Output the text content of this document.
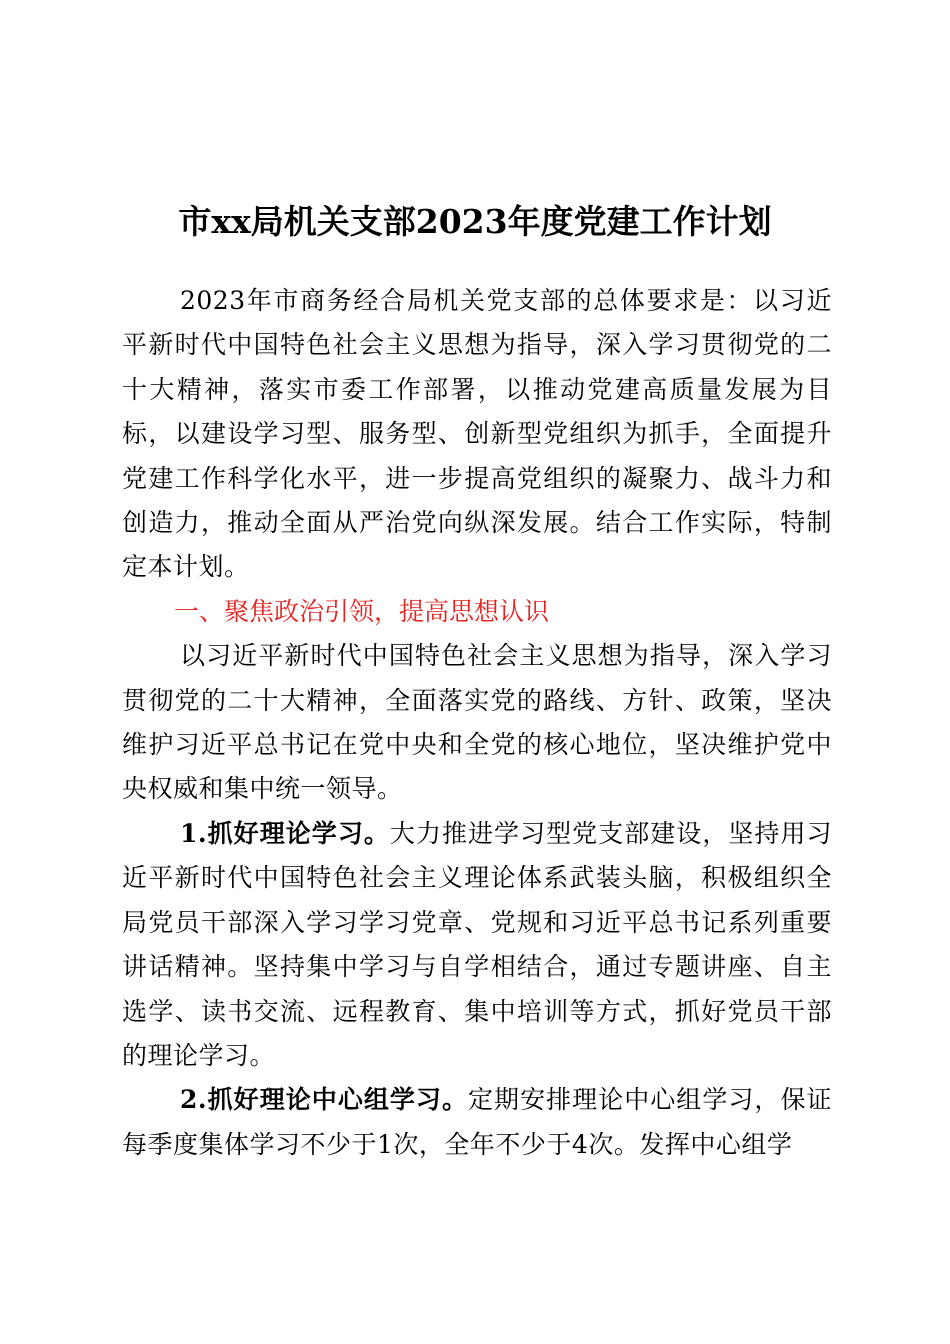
市xx局机关支部2023年度党建工作计划

2023年市商务经合局机关党支部的总体要求是：以习近平新时代中国特色社会主义思想为指导，深入学习贯彻党的二十大精神，落实市委工作部署，以推动党建高质量发展为目标，以建设学习型、服务型、创新型党组织为抓手，全面提升党建工作科学化水平，进一步提高党组织的凝聚力、战斗力和创造力，推动全面从严治党向纵深发展。结合工作实际，特制定本计划。

一、聚焦政治引领，提高思想认识

以习近平新时代中国特色社会主义思想为指导，深入学习贯彻党的二十大精神，全面落实党的路线、方针、政策，坚决维护习近平总书记在党中央和全党的核心地位，坚决维护党中央权威和集中统一领导。

1.抓好理论学习。大力推进学习型党支部建设，坚持用习近平新时代中国特色社会主义理论体系武装头脑，积极组织全局党员干部深入学习学习党章、党规和习近平总书记系列重要讲话精神。坚持集中学习与自学相结合，通过专题讲座、自主选学、读书交流、远程教育、集中培训等方式，抓好党员干部的理论学习。

2.抓好理论中心组学习。定期安排理论中心组学习，保证每季度集体学习不少于1次，全年不少于4次。发挥中心组学
